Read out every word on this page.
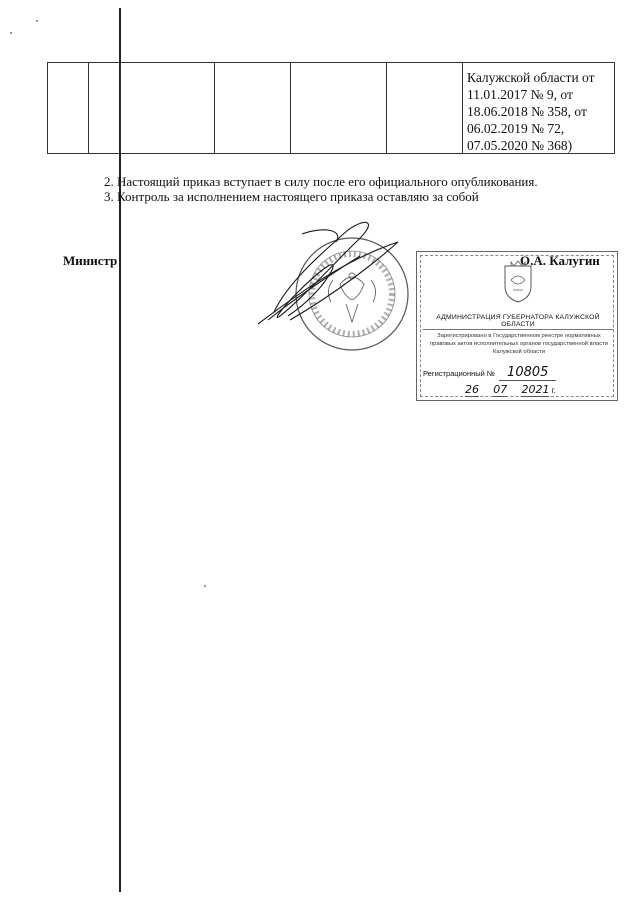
Калужской области от
11.01.2017 № 9, от
18.06.2018 № 358, от
06.02.2019 № 72,
07.05.2020 № 368)
2. Настоящий приказ вступает в силу после его официального опубликования.
3. Контроль за исполнением настоящего приказа оставляю за собой
Министр	О.А. Калугин
АДМИНИСТРАЦИЯ ГУБЕРНАТОРА КАЛУЖСКОЙ ОБЛАСТИ
Зарегистрировано в Государственном реестре нормативных правовых актов исполнительных органов государственной власти Калужской области
Регистрационный № 10805
26 07 2021 г.
